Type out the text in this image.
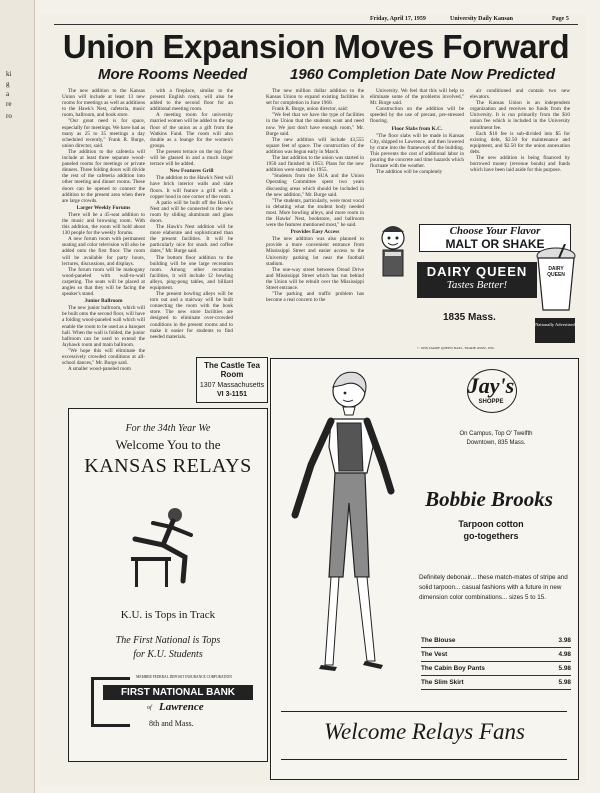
ki
g
a
re
ro
Friday, April 17, 1959	University Daily Kansan	Page 5
Union Expansion Moves Forward
More Rooms Needed	1960 Completion Date Now Predicted

The new addition to the Kansas Union will include at least 13 new rooms for meetings as well as additions to the Hawk's Nest, cafeteria, music room, ballroom, and book store.

"Our great need is for space, especially for meetings. We have had as many as 25 to 35 meetings a day scheduled recently," Frank R. Burge, union director, said.

The addition to the cafeteria will include at least three separate wood-paneled rooms for meetings or private dinners. Three folding doors will divide the rest of the cafeteria addition into other meeting and dinner rooms. These doors can be opened to connect the addition to the present area when there are large crowds.

Larger Weekly Forums

There will be a 45-seat addition to the music and browsing room. With this addition, the room will hold about 130 people for the weekly forums.

A new forum room with permanent seating and color television will also be added onto the first floor. The room will be available for party hours, lectures, discussions, and displays.

The forum room will be mahogany wood-paneled with wall-to-wall carpeting. The seats will be placed at angles so that they will be facing the speaker's stand.

Junior Ballroom

The new junior ballroom, which will be built onto the second floor, will have a folding wood-paneled wall which will enable the room to be used as a banquet hall. When the wall is folded, the junior ballroom can be used to extend the Jayhawk room and main ballroom.

"We hope this will eliminate the excessively crowded conditions at all-school dances," Mr. Burge said.

A smaller wood-paneled room

with a fireplace, similar to the present English room, will also be added to the second floor for an additional meeting room.

A meeting room for university married women will be added to the top floor of the union as a gift from the Watkins Fund. The room will also double as a lounge for the women's groups.

The present terrace on the top floor will be glassed in and a much larger terrace will be added.

New Features Grill

The addition to the Hawk's Nest will have brick interior walls and slate floors. It will feature a grill with a copper hood in one corner of the room.

A patio will be built off the Hawk's Nest and will be connected to the new room by sliding aluminum and glass doors.

The Hawk's Nest addition will be more elaborate and sophisticated than the present facilities. It will be particularly nice for snack and coffee dates," Mr. Burge said.

The bottom floor addition to the building will be one large recreation room. Among other recreation facilities, it will include 12 bowling alleys, ping-pong tables, and billiard equipment.

The present bowling alleys will be torn out and a stairway will be built connecting the room with the book store. The new store facilities are designed to eliminate over-crowded conditions in the present rooms and to make it easier for students to find needed materials.

The new million dollar addition to the Kansas Union to expand existing facilities is set for completion in June 1960.

Frank R. Burge, union director, said:

"We feel that we have the type of facilities in the Union that the students want and need now. We just don't have enough room," Mr. Burge said.

The new addition will include 43,555 square feet of space. The construction of the addition was begun early in March.

The last addition to the union was started in 1950 and finished in 1953. Plans for the new addition were started in 1955.

"Students from the SUA and the Union Operating Committee spent two years discussing areas which should be included in the new addition," Mr. Burge said.

"The students, particularly, were most vocal in debating what the student body needed most. More bowling alleys, and more room in the Hawks' Nest, bookstore, and ballroom were the features mentioned most," he said.

Provides Easy Access

The new addition was also planned to provide a more convenient entrance from Mississippi Street and easier access to the University parking lot near the football stadium.

The one-way street between Oread Drive and Mississippi Street which has run behind the Union will be rebuilt over the Mississippi Street entrance.

"The parking and traffic problem has become a real concern to the

University. We feel that this will help to eliminate some of the problems involved," Mr. Burge said.

Construction on the addition will be speeded by the use of precast, pre-stressed flooring.

Floor Slabs from K.C.

"The floor slabs will be made in Kansas City, shipped to Lawrence, and then lowered by crane into the framework of the building. This prevents the cost of additional labor in pouring the concrete and time hazards which fluctuate with the weather.

The addition will be completely

air conditioned and contain two new elevators.

The Kansas Union is an independent organization and receives no funds from the University. It is run primarily from the $10 union fee which is included in the University enrollment fee.

Each $10 fee is sub-divided into $5 for existing debt, $2.50 for maintenance and equipment, and $2.50 for the union annexation debt.

The new addition is being financed by borrowed money (revenue bonds) and funds which have been laid aside for this purpose.

The Castle Tea Room
1307 Massachusetts
VI 3-1151
Choose Your Flavor
MALT OR SHAKE
DAIRY QUEEN
Tastes Better!
DAIRY
QUEEN
1835 Mass.
Nationally Advertised
© 1958, DAIRY QUEEN NATL. TRADE ASSN., INC.
For the 34th Year We
Welcome You to the
KANSAS RELAYS
K.U. is Tops in Track
The First National is Tops
for K.U. Students
MEMBER FEDERAL DEPOSIT INSURANCE CORPORATION
FIRST NATIONAL BANK
of Lawrence
8th and Mass.
Jay's
SHOPPE
On Campus, Top O' Twelfth
Downtown, 835 Mass.
Bobbie Brooks
Tarpoon cotton
go-togethers
Definitely debonair... these match-mates of stripe and solid tarpoon... casual fashions with a future in new dimension color combinations... sizes 5 to 15.
The Blouse	3.98
The Vest	4.98
The Cabin Boy Pants	5.98
The Slim Skirt	5.98
Welcome Relays Fans
